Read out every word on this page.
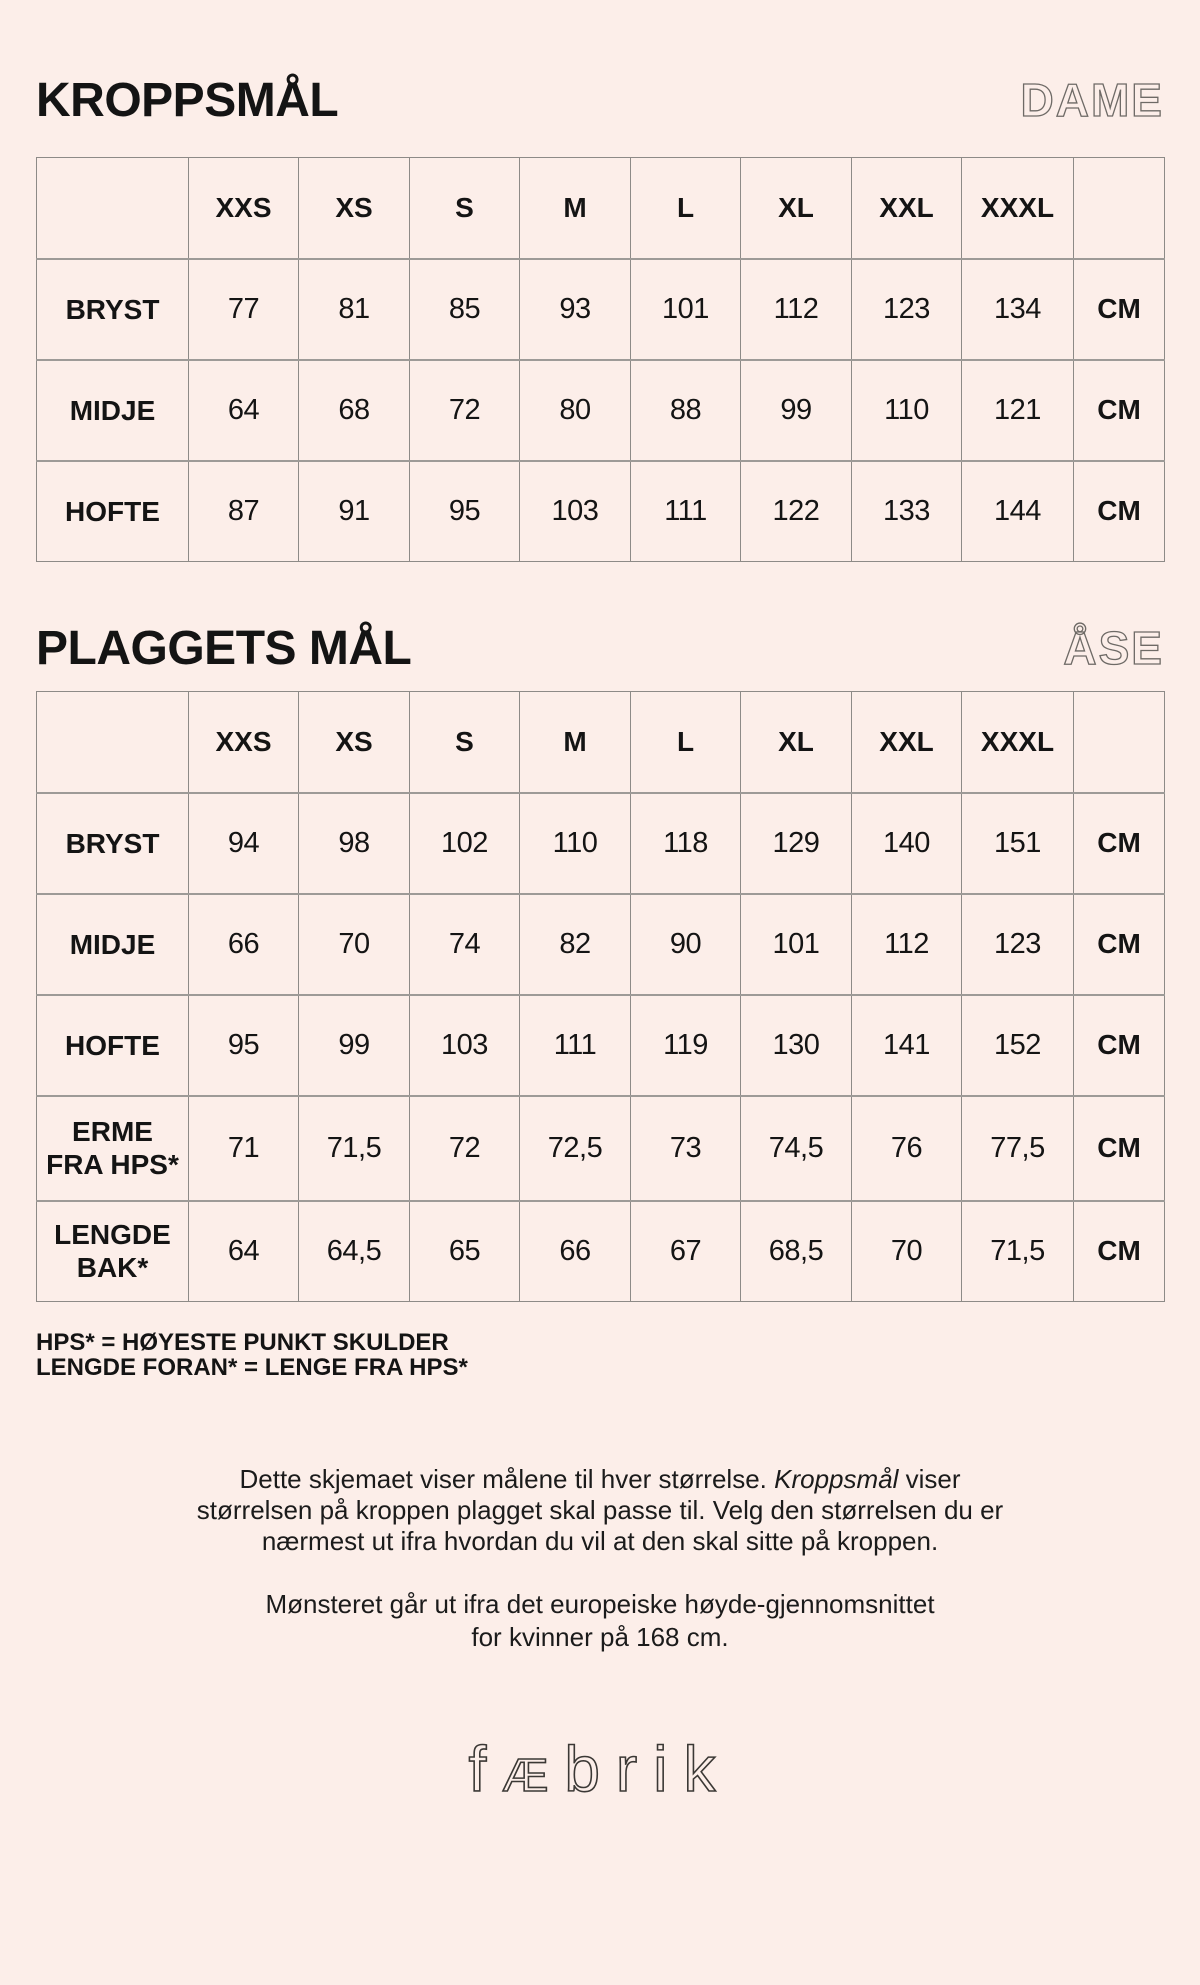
KROPPSMÅL	DAME
	XXS	XS	S	M	L	XL	XXL	XXXL	
BRYST	77	81	85	93	101	112	123	134	CM
MIDJE	64	68	72	80	88	99	110	121	CM
HOFTE	87	91	95	103	111	122	133	144	CM
PLAGGETS MÅL	ÅSE
	XXS	XS	S	M	L	XL	XXL	XXXL	
BRYST	94	98	102	110	118	129	140	151	CM
MIDJE	66	70	74	82	90	101	112	123	CM
HOFTE	95	99	103	111	119	130	141	152	CM

ERME
FRA HPS*	71	71,5	72	72,5	73	74,5	76	77,5	CM

LENGDE
BAK*	64	64,5	65	66	67	68,5	70	71,5	CM
HPS* = HØYESTE PUNKT SKULDER
LENGDE FORAN* = LENGE FRA HPS*
Dette skjemaet viser målene til hver størrelse. Kroppsmål viser
størrelsen på kroppen plagget skal passe til. Velg den størrelsen du er
nærmest ut ifra hvordan du vil at den skal sitte på kroppen.
Mønsteret går ut ifra det europeiske høyde-gjennomsnittet
for kvinner på 168 cm.
fÆbrik
